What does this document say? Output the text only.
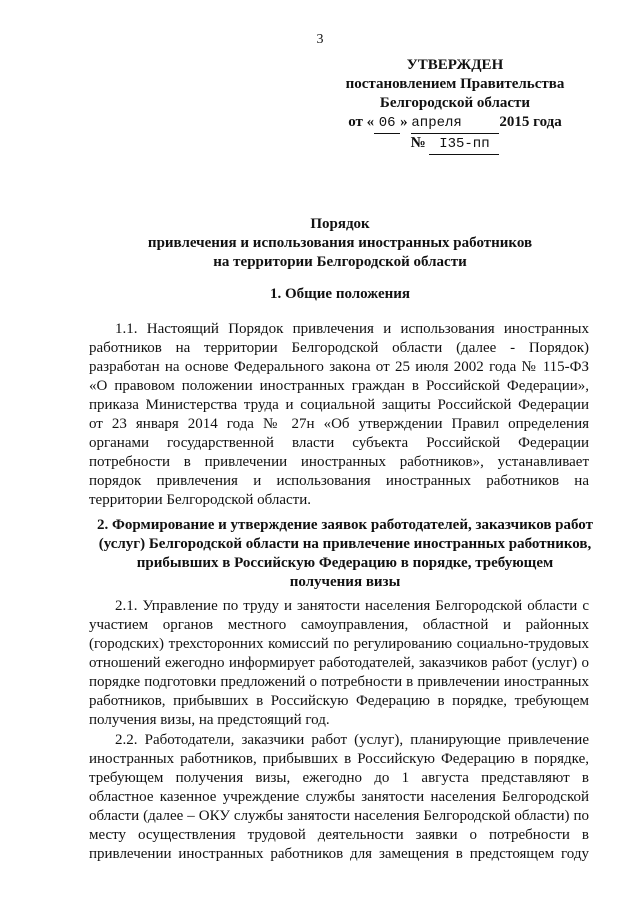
3
УТВЕРЖДЕН
постановлением Правительства
Белгородской области
от « 06 » апреля	2015 года
№ I35-пп
Порядок
привлечения и использования иностранных работников
на территории Белгородской области
1. Общие положения
1.1. Настоящий Порядок привлечения и использования иностранных
работников на территории Белгородской области (далее - Порядок)
разработан на основе Федерального закона от 25 июля 2002 года № 115-ФЗ
«О правовом положении иностранных граждан в Российской Федерации»,
приказа Министерства труда и социальной защиты Российской Федерации
от 23 января 2014 года № 27н «Об утверждении Правил определения
органами государственной власти субъекта Российской Федерации
потребности в привлечении иностранных работников», устанавливает
порядок привлечения и использования иностранных работников на
территории Белгородской области.
2. Формирование и утверждение заявок работодателей, заказчиков работ
(услуг) Белгородской области на привлечение иностранных работников,
прибывших в Российскую Федерацию в порядке, требующем
получения визы
2.1. Управление по труду и занятости населения Белгородской области с
участием органов местного самоуправления, областной и районных
(городских) трехсторонних комиссий по регулированию социально-трудовых
отношений ежегодно информирует работодателей, заказчиков работ (услуг) о
порядке подготовки предложений о потребности в привлечении иностранных
работников, прибывших в Российскую Федерацию в порядке, требующем
получения визы, на предстоящий год.
2.2. Работодатели, заказчики работ (услуг), планирующие привлечение
иностранных работников, прибывших в Российскую Федерацию в порядке,
требующем получения визы, ежегодно до 1 августа представляют в
областное казенное учреждение службы занятости населения Белгородской
области (далее – ОКУ службы занятости населения Белгородской области) по
месту осуществления трудовой деятельности заявки о потребности в
привлечении иностранных работников для замещения в предстоящем году
